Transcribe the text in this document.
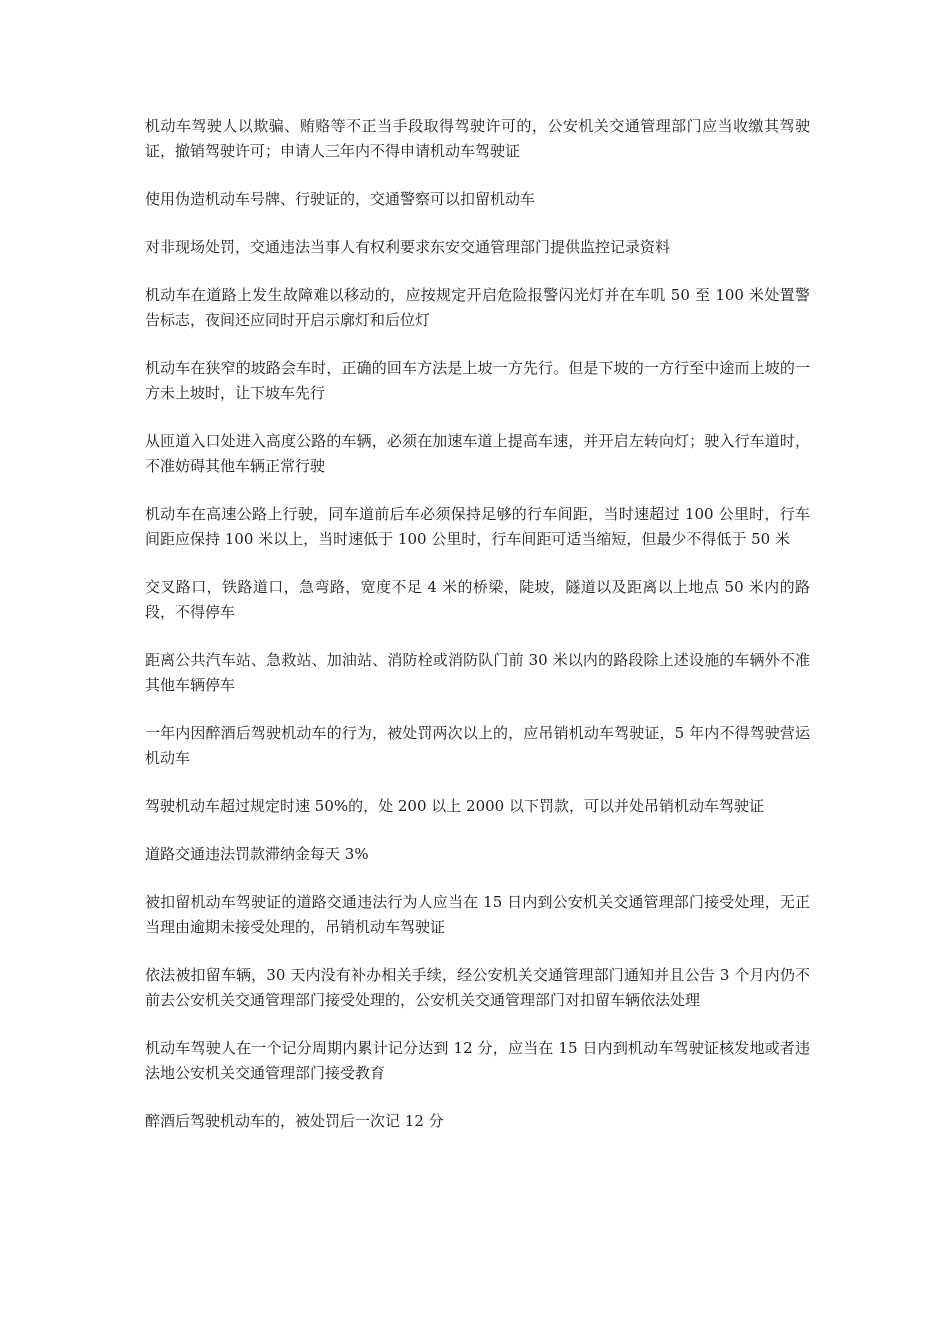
机动车驾驶人以欺骗、贿赂等不正当手段取得驾驶许可的，公安机关交通管理部门应当收缴其驾驶证，撤销驾驶许可；申请人三年内不得申请机动车驾驶证

使用伪造机动车号牌、行驶证的，交通警察可以扣留机动车

对非现场处罚，交通违法当事人有权利要求东安交通管理部门提供监控记录资料

机动车在道路上发生故障难以移动的，应按规定开启危险报警闪光灯并在车叽 50 至 100 米处置警告标志，夜间还应同时开启示廓灯和后位灯

机动车在狭窄的坡路会车时，正确的回车方法是上坡一方先行。但是下坡的一方行至中途而上坡的一方未上坡时，让下坡车先行

从匝道入口处进入高度公路的车辆，必须在加速车道上提高车速，并开启左转向灯；驶入行车道时，不准妨碍其他车辆正常行驶

机动车在高速公路上行驶，同车道前后车必须保持足够的行车间距，当时速超过 100 公里时，行车间距应保持 100 米以上，当时速低于 100 公里时，行车间距可适当缩短，但最少不得低于 50 米

交叉路口，铁路道口，急弯路，宽度不足 4 米的桥梁，陡坡，隧道以及距离以上地点 50 米内的路段，不得停车

距离公共汽车站、急救站、加油站、消防栓或消防队门前 30 米以内的路段除上述设施的车辆外不准其他车辆停车

一年内因醉酒后驾驶机动车的行为，被处罚两次以上的，应吊销机动车驾驶证，5 年内不得驾驶营运机动车

驾驶机动车超过规定时速 50%的，处 200 以上 2000 以下罚款，可以并处吊销机动车驾驶证

道路交通违法罚款滞纳金每天 3%

被扣留机动车驾驶证的道路交通违法行为人应当在 15 日内到公安机关交通管理部门接受处理，无正当理由逾期未接受处理的，吊销机动车驾驶证

依法被扣留车辆，30 天内没有补办相关手续，经公安机关交通管理部门通知并且公告 3 个月内仍不前去公安机关交通管理部门接受处理的，公安机关交通管理部门对扣留车辆依法处理

机动车驾驶人在一个记分周期内累计记分达到 12 分，应当在 15 日内到机动车驾驶证核发地或者违法地公安机关交通管理部门接受教育

醉酒后驾驶机动车的，被处罚后一次记 12 分
